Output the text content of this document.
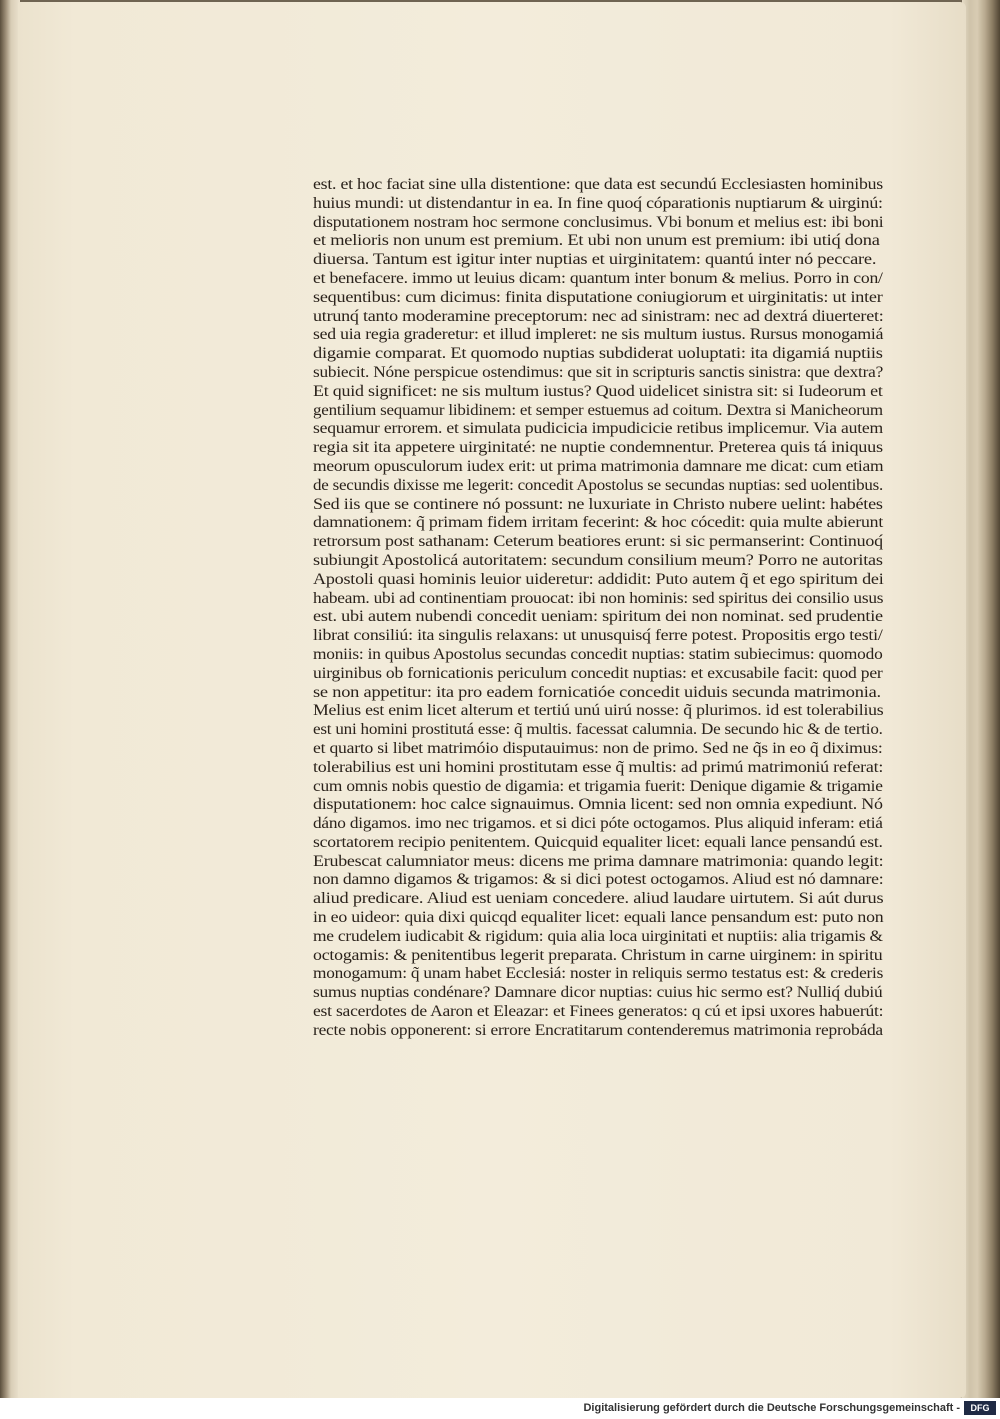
est. et hoc faciat sine ulla distentione: que data est secundú Ecclesiasten hominibus
huius mundi: ut distendantur in ea. In fine quoq́ cóparationis nuptiarum & uirginú:
disputationem nostram hoc sermone conclusimus. Vbi bonum et melius est: ibi boni
et melioris non unum est premium. Et ubi non unum est premium: ibi utiq́ dona
diuersa. Tantum est igitur inter nuptias et uirginitatem: quantú inter nó peccare.
et benefacere. immo ut leuius dicam: quantum inter bonum & melius. Porro in con/
sequentibus: cum dicimus: finita disputatione coniugiorum et uirginitatis: ut inter
utrunq́ tanto moderamine preceptorum: nec ad sinistram: nec ad dextrá diuerteret:
sed uia regia graderetur: et illud impleret: ne sis multum iustus. Rursus monogamiá
digamie comparat. Et quomodo nuptias subdiderat uoluptati: ita digamiá nuptiis
subiecit. Nóne perspicue ostendimus: que sit in scripturis sanctis sinistra: que dextra?
Et quid significet: ne sis multum iustus? Quod uidelicet sinistra sit: si Iudeorum et
gentilium sequamur libidinem: et semper estuemus ad coitum. Dextra si Manicheorum
sequamur errorem. et simulata pudicicia impudicicie retibus implicemur. Via autem
regia sit ita appetere uirginitaté: ne nuptie condemnentur. Preterea quis tá iniquus
meorum opusculorum iudex erit: ut prima matrimonia damnare me dicat: cum etiam
de secundis dixisse me legerit: concedit Apostolus se secundas nuptias: sed uolentibus.
Sed iis que se continere nó possunt: ne luxuriate in Christo nubere uelint: habétes
damnationem: q̃ primam fidem irritam fecerint: & hoc cócedit: quia multe abierunt
retrorsum post sathanam: Ceterum beatiores erunt: si sic permanserint: Continuoq́
subiungit Apostolicá autoritatem: secundum consilium meum? Porro ne autoritas
Apostoli quasi hominis leuior uideretur: addidit: Puto autem q̃ et ego spiritum dei
habeam. ubi ad continentiam prouocat: ibi non hominis: sed spiritus dei consilio usus
est. ubi autem nubendi concedit ueniam: spiritum dei non nominat. sed prudentie
librat consiliú: ita singulis relaxans: ut unusquisq́ ferre potest. Propositis ergo testi/
moniis: in quibus Apostolus secundas concedit nuptias: statim subiecimus: quomodo
uirginibus ob fornicationis periculum concedit nuptias: et excusabile facit: quod per
se non appetitur: ita pro eadem fornicatióe concedit uiduis secunda matrimonia.
Melius est enim licet alterum et tertiú unú uirú nosse: q̃ plurimos. id est tolerabilius
est uni homini prostitutá esse: q̃ multis. facessat calumnia. De secundo hic & de tertio.
et quarto si libet matrimóio disputauimus: non de primo. Sed ne q̃s in eo q̃ diximus:
tolerabilius est uni homini prostitutam esse q̃ multis: ad primú matrimoniú referat:
cum omnis nobis questio de digamia: et trigamia fuerit: Denique digamie & trigamie
disputationem: hoc calce signauimus. Omnia licent: sed non omnia expediunt. Nó
dáno digamos. imo nec trigamos. et si dici póte octogamos. Plus aliquid inferam: etiá
scortatorem recipio penitentem. Quicquid equaliter licet: equali lance pensandú est.
Erubescat calumniator meus: dicens me prima damnare matrimonia: quando legit:
non damno digamos & trigamos: & si dici potest octogamos. Aliud est nó damnare:
aliud predicare. Aliud est ueniam concedere. aliud laudare uirtutem. Si aút durus
in eo uideor: quia dixi quicqd equaliter licet: equali lance pensandum est: puto non
me crudelem iudicabit & rigidum: quia alia loca uirginitati et nuptiis: alia trigamis &
octogamis: & penitentibus legerit preparata. Christum in carne uirginem: in spiritu
monogamum: q̃ unam habet Ecclesiá: noster in reliquis sermo testatus est: & crederis
sumus nuptias condénare? Damnare dicor nuptias: cuius hic sermo est? Nulliq́ dubiú
est sacerdotes de Aaron et Eleazar: et Finees generatos: q cú et ipsi uxores habuerút:
recte nobis opponerent: si errore Encratitarum contenderemus matrimonia reprobáda
Digitalisierung gefördert durch die Deutsche Forschungsgemeinschaft -	DFG
